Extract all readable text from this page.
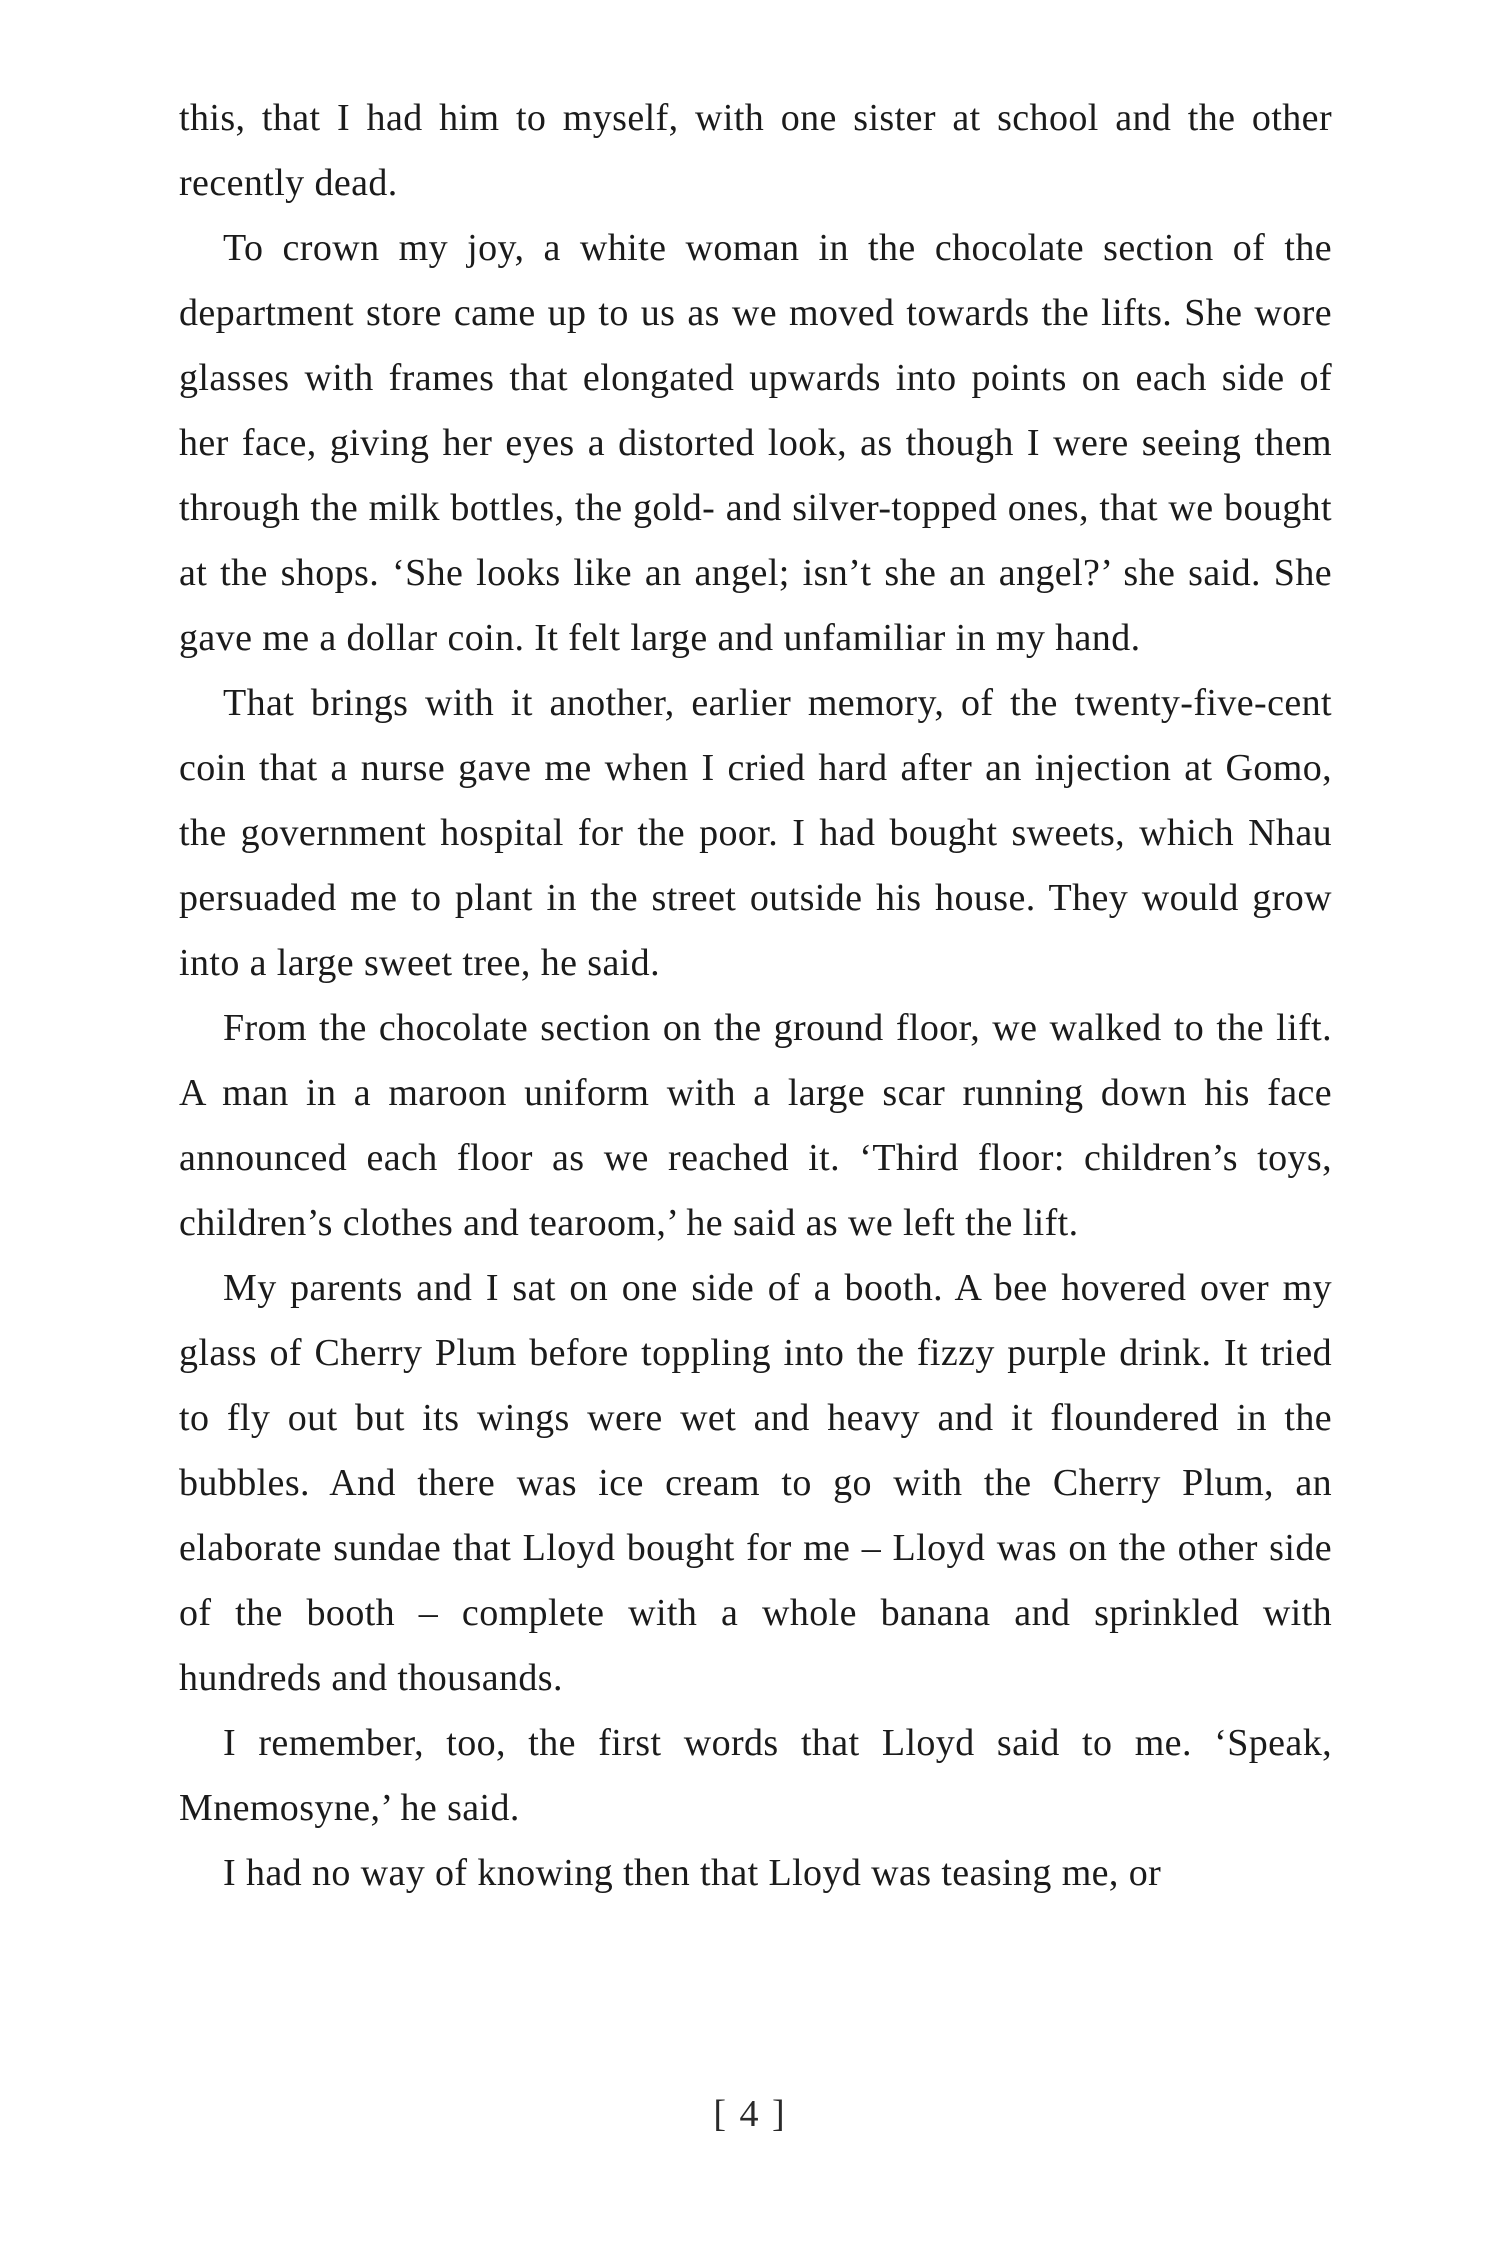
this, that I had him to myself, with one sister at school and the other recently dead.

To crown my joy, a white woman in the chocolate section of the department store came up to us as we moved towards the lifts. She wore glasses with frames that elongated upwards into points on each side of her face, giving her eyes a distorted look, as though I were seeing them through the milk bottles, the gold- and silver-topped ones, that we bought at the shops. ‘She looks like an angel; isn’t she an angel?’ she said. She gave me a dollar coin. It felt large and unfamiliar in my hand.

That brings with it another, earlier memory, of the twenty-five-cent coin that a nurse gave me when I cried hard after an injection at Gomo, the government hospital for the poor. I had bought sweets, which Nhau persuaded me to plant in the street outside his house. They would grow into a large sweet tree, he said.

From the chocolate section on the ground floor, we walked to the lift. A man in a maroon uniform with a large scar running down his face announced each floor as we reached it. ‘Third floor: children’s toys, children’s clothes and tearoom,’ he said as we left the lift.

My parents and I sat on one side of a booth. A bee hovered over my glass of Cherry Plum before toppling into the fizzy purple drink. It tried to fly out but its wings were wet and heavy and it floundered in the bubbles. And there was ice cream to go with the Cherry Plum, an elaborate sundae that Lloyd bought for me – Lloyd was on the other side of the booth – complete with a whole banana and sprinkled with hundreds and thousands.

I remember, too, the first words that Lloyd said to me. ‘Speak, Mnemosyne,’ he said.

I had no way of knowing then that Lloyd was teasing me, or

[ 4 ]
